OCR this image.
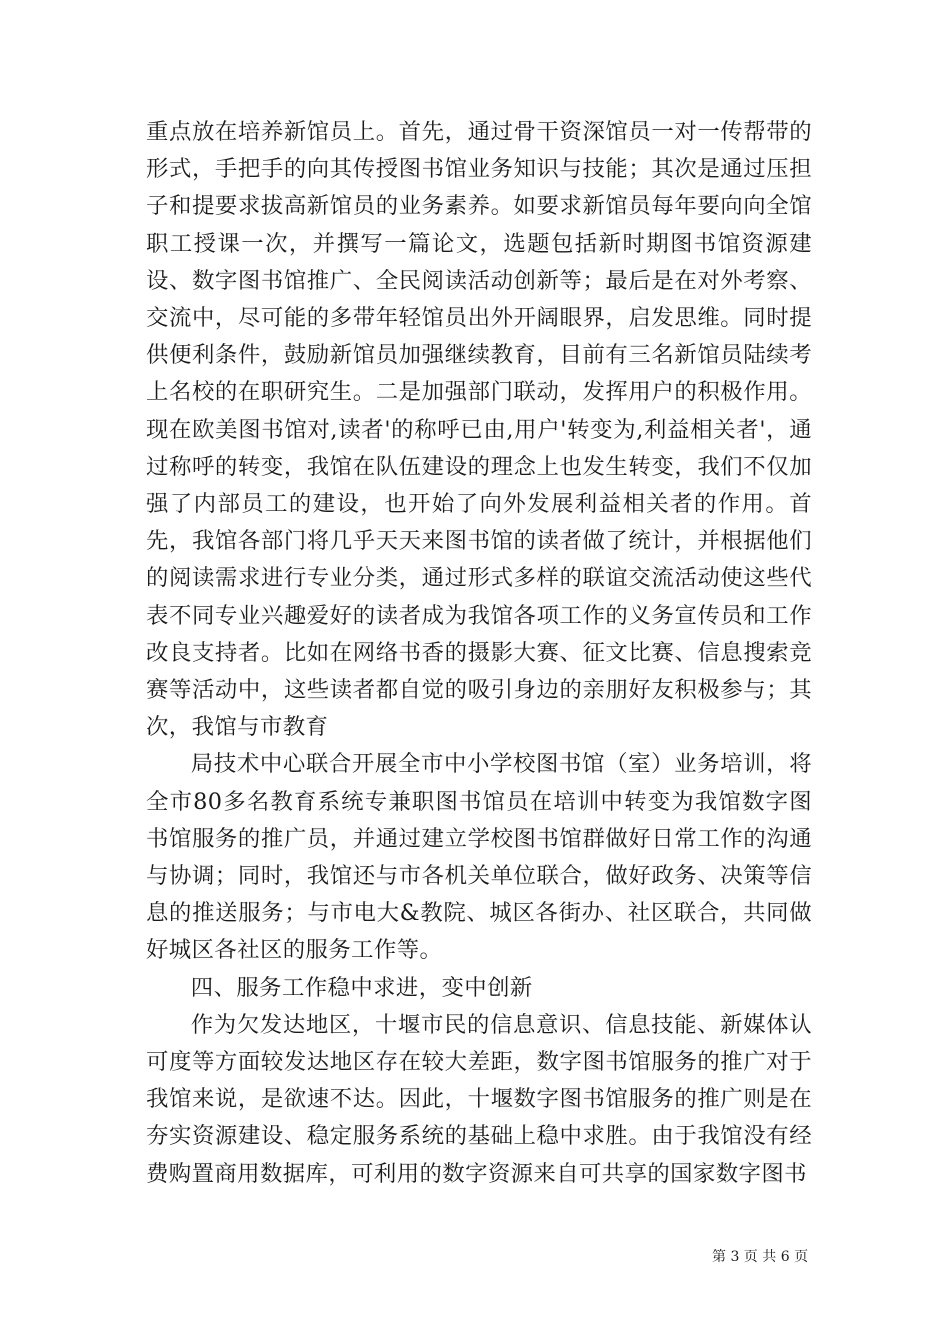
重点放在培养新馆员上。首先，通过骨干资深馆员一对一传帮带的形式，手把手的向其传授图书馆业务知识与技能；其次是通过压担子和提要求拔高新馆员的业务素养。如要求新馆员每年要向向全馆职工授课一次，并撰写一篇论文，选题包括新时期图书馆资源建设、数字图书馆推广、全民阅读活动创新等；最后是在对外考察、交流中，尽可能的多带年轻馆员出外开阔眼界，启发思维。同时提供便利条件，鼓励新馆员加强继续教育，目前有三名新馆员陆续考上名校的在职研究生。二是加强部门联动，发挥用户的积极作用。现在欧美图书馆对,读者'的称呼已由,用户'转变为,利益相关者'，通过称呼的转变，我馆在队伍建设的理念上也发生转变，我们不仅加强了内部员工的建设，也开始了向外发展利益相关者的作用。首先，我馆各部门将几乎天天来图书馆的读者做了统计，并根据他们的阅读需求进行专业分类，通过形式多样的联谊交流活动使这些代表不同专业兴趣爱好的读者成为我馆各项工作的义务宣传员和工作改良支持者。比如在网络书香的摄影大赛、征文比赛、信息搜索竞赛等活动中，这些读者都自觉的吸引身边的亲朋好友积极参与；其次，我馆与市教育

局技术中心联合开展全市中小学校图书馆（室）业务培训，将全市80多名教育系统专兼职图书馆员在培训中转变为我馆数字图书馆服务的推广员，并通过建立学校图书馆群做好日常工作的沟通与协调；同时，我馆还与市各机关单位联合，做好政务、决策等信息的推送服务；与市电大&教院、城区各街办、社区联合，共同做好城区各社区的服务工作等。

四、服务工作稳中求进，变中创新

作为欠发达地区，十堰市民的信息意识、信息技能、新媒体认可度等方面较发达地区存在较大差距，数字图书馆服务的推广对于我馆来说，是欲速不达。因此，十堰数字图书馆服务的推广则是在夯实资源建设、稳定服务系统的基础上稳中求胜。由于我馆没有经费购置商用数据库，可利用的数字资源来自可共享的国家数字图书

第 3 页 共 6 页
